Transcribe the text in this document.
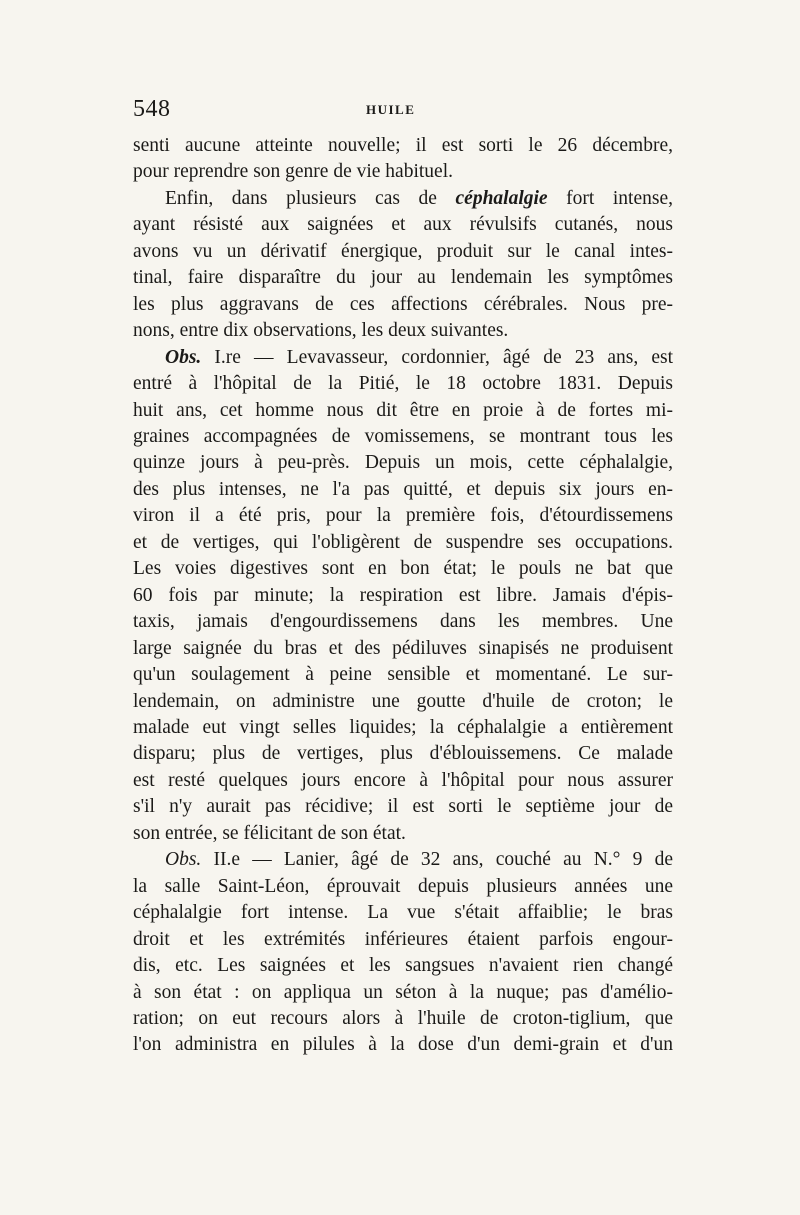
548	HUILE
senti aucune atteinte nouvelle; il est sorti le 26 décembre,
pour reprendre son genre de vie habituel.
Enfin, dans plusieurs cas de céphalalgie fort intense,
ayant résisté aux saignées et aux révulsifs cutanés, nous
avons vu un dérivatif énergique, produit sur le canal intes-
tinal, faire disparaître du jour au lendemain les symptômes
les plus aggravans de ces affections cérébrales. Nous pre-
nons, entre dix observations, les deux suivantes.
Obs. I.re — Levavasseur, cordonnier, âgé de 23 ans, est
entré à l'hôpital de la Pitié, le 18 octobre 1831. Depuis
huit ans, cet homme nous dit être en proie à de fortes mi-
graines accompagnées de vomissemens, se montrant tous les
quinze jours à peu-près. Depuis un mois, cette céphalalgie,
des plus intenses, ne l'a pas quitté, et depuis six jours en-
viron il a été pris, pour la première fois, d'étourdissemens
et de vertiges, qui l'obligèrent de suspendre ses occupations.
Les voies digestives sont en bon état; le pouls ne bat que
60 fois par minute; la respiration est libre. Jamais d'épis-
taxis, jamais d'engourdissemens dans les membres. Une
large saignée du bras et des pédiluves sinapisés ne produisent
qu'un soulagement à peine sensible et momentané. Le sur-
lendemain, on administre une goutte d'huile de croton; le
malade eut vingt selles liquides; la céphalalgie a entièrement
disparu; plus de vertiges, plus d'éblouissemens. Ce malade
est resté quelques jours encore à l'hôpital pour nous assurer
s'il n'y aurait pas récidive; il est sorti le septième jour de
son entrée, se félicitant de son état.
Obs. II.e — Lanier, âgé de 32 ans, couché au N.° 9 de
la salle Saint-Léon, éprouvait depuis plusieurs années une
céphalalgie fort intense. La vue s'était affaiblie; le bras
droit et les extrémités inférieures étaient parfois engour-
dis, etc. Les saignées et les sangsues n'avaient rien changé
à son état : on appliqua un séton à la nuque; pas d'amélio-
ration; on eut recours alors à l'huile de croton-tiglium, que
l'on administra en pilules à la dose d'un demi-grain et d'un
